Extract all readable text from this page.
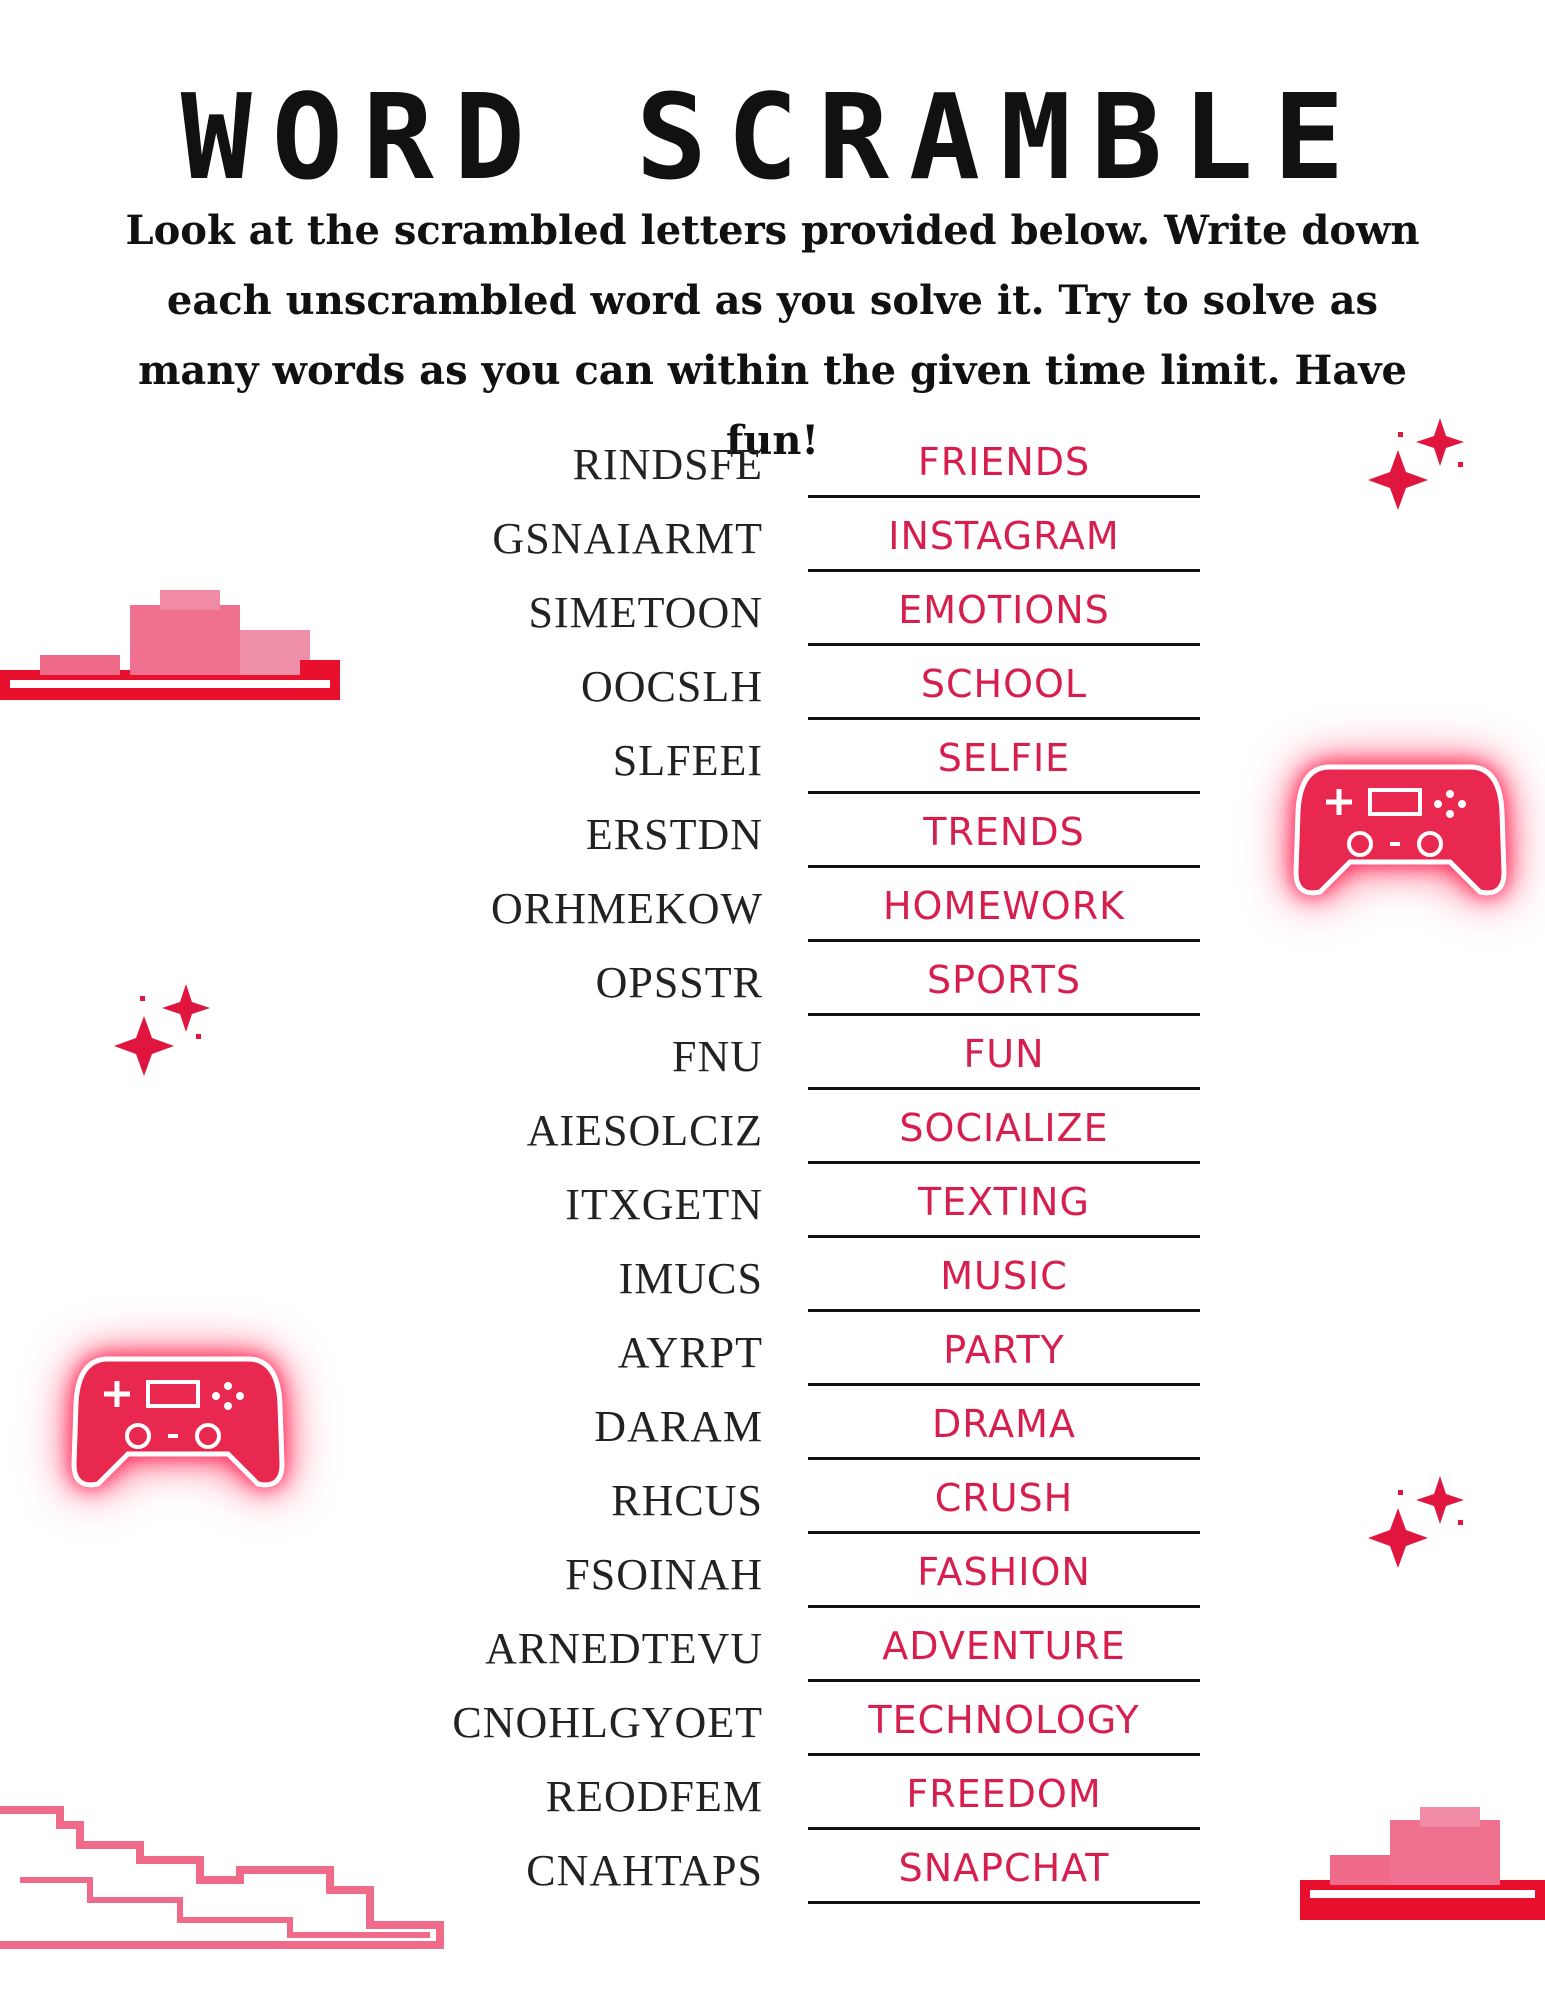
WORD SCRAMBLE
Look at the scrambled letters provided below. Write down each unscrambled word as you solve it. Try to solve as many words as you can within the given time limit. Have fun!
RINDSFE	FRIENDS
GSNAIARMT	INSTAGRAM
SIMETOON	EMOTIONS
OOCSLH	SCHOOL
SLFEEI	SELFIE
ERSTDN	TRENDS
ORHMEKOW	HOMEWORK
OPSSTR	SPORTS
FNU	FUN
AIESOLCIZ	SOCIALIZE
ITXGETN	TEXTING
IMUCS	MUSIC
AYRPT	PARTY
DARAM	DRAMA
RHCUS	CRUSH
FSOINAH	FASHION
ARNEDTEVU	ADVENTURE
CNOHLGYOET	TECHNOLOGY
REODFEM	FREEDOM
CNAHTAPS	SNAPCHAT
